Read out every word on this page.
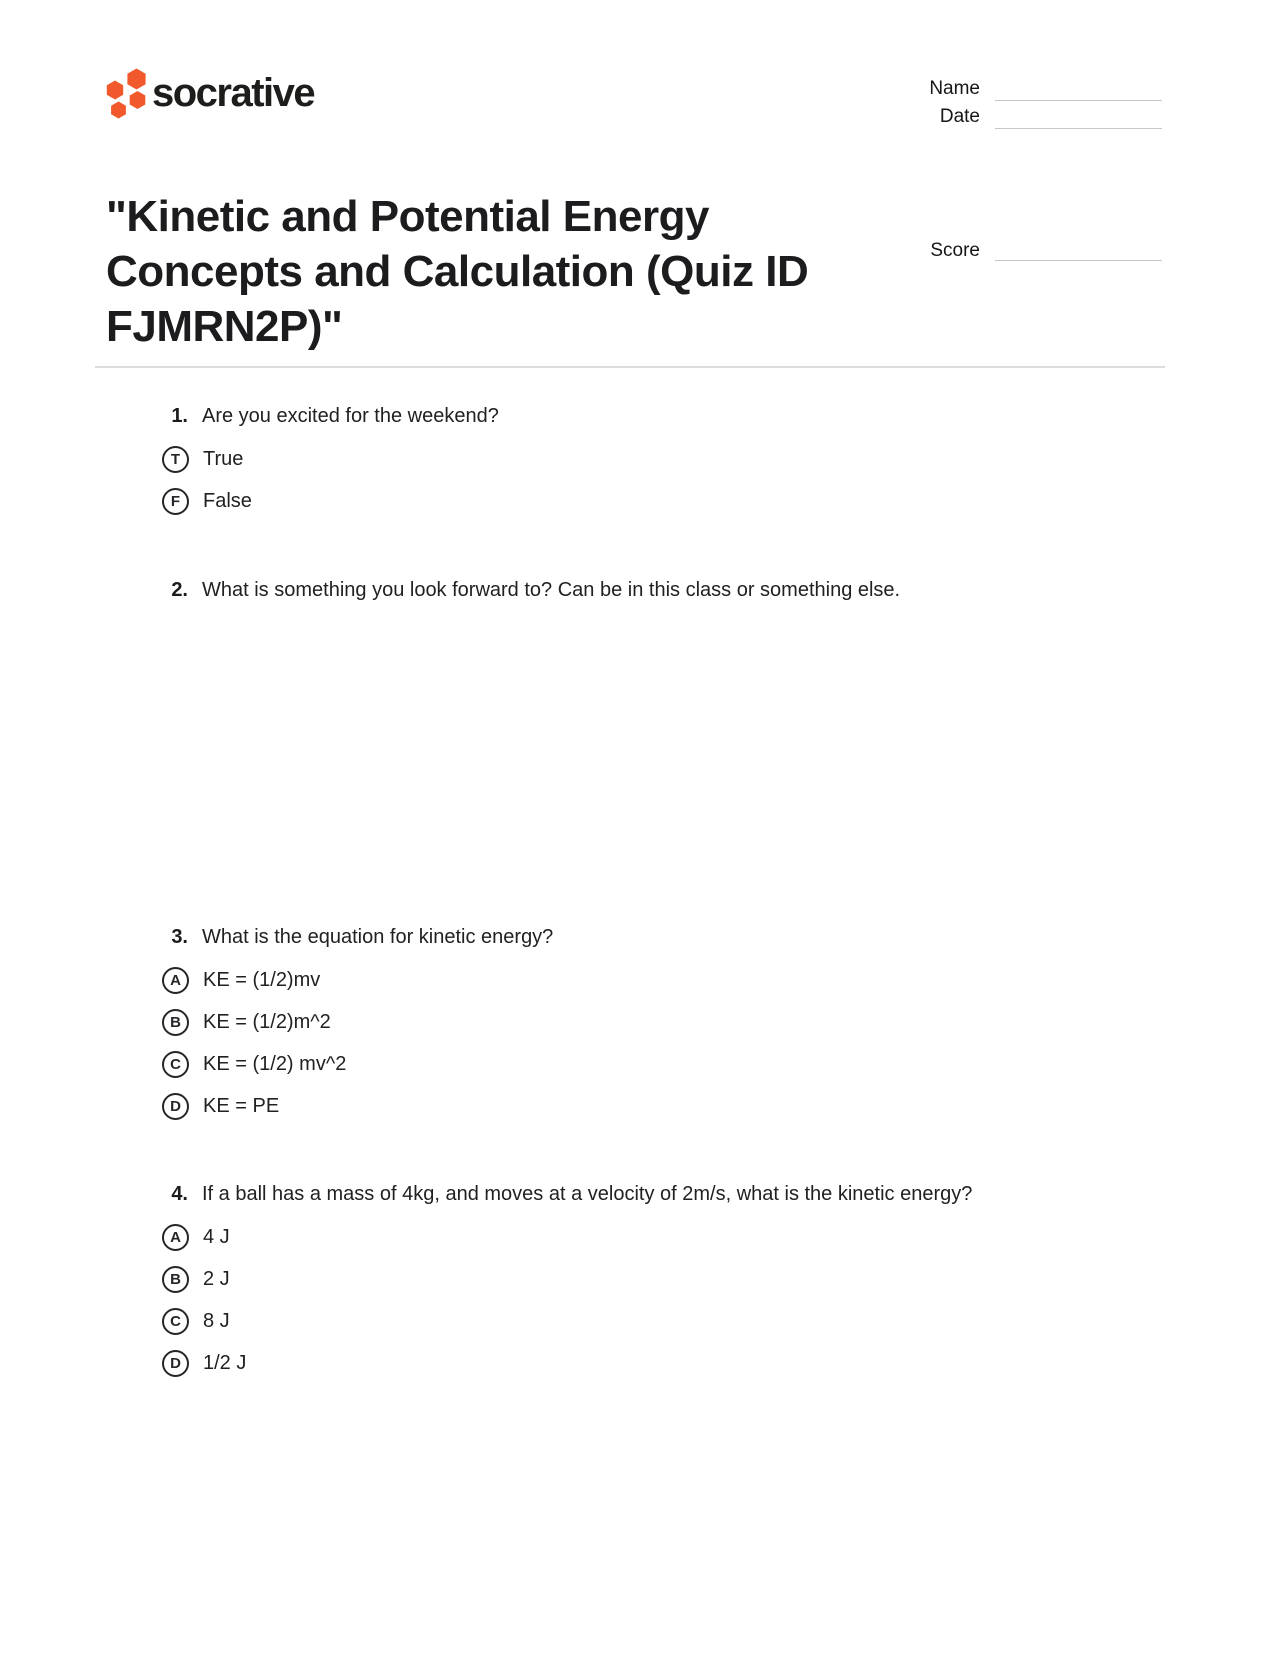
socrative	Name
Date
"Kinetic and Potential Energy Concepts and Calculation (Quiz ID FJMRN2P)"
Score
1. Are you excited for the weekend?
T True
F False
2. What is something you look forward to? Can be in this class or something else.
3. What is the equation for kinetic energy?
A KE = (1/2)mv
B KE = (1/2)m^2
C KE = (1/2) mv^2
D KE = PE
4. If a ball has a mass of 4kg, and moves at a velocity of 2m/s, what is the kinetic energy?
A 4 J
B 2 J
C 8 J
D 1/2 J
